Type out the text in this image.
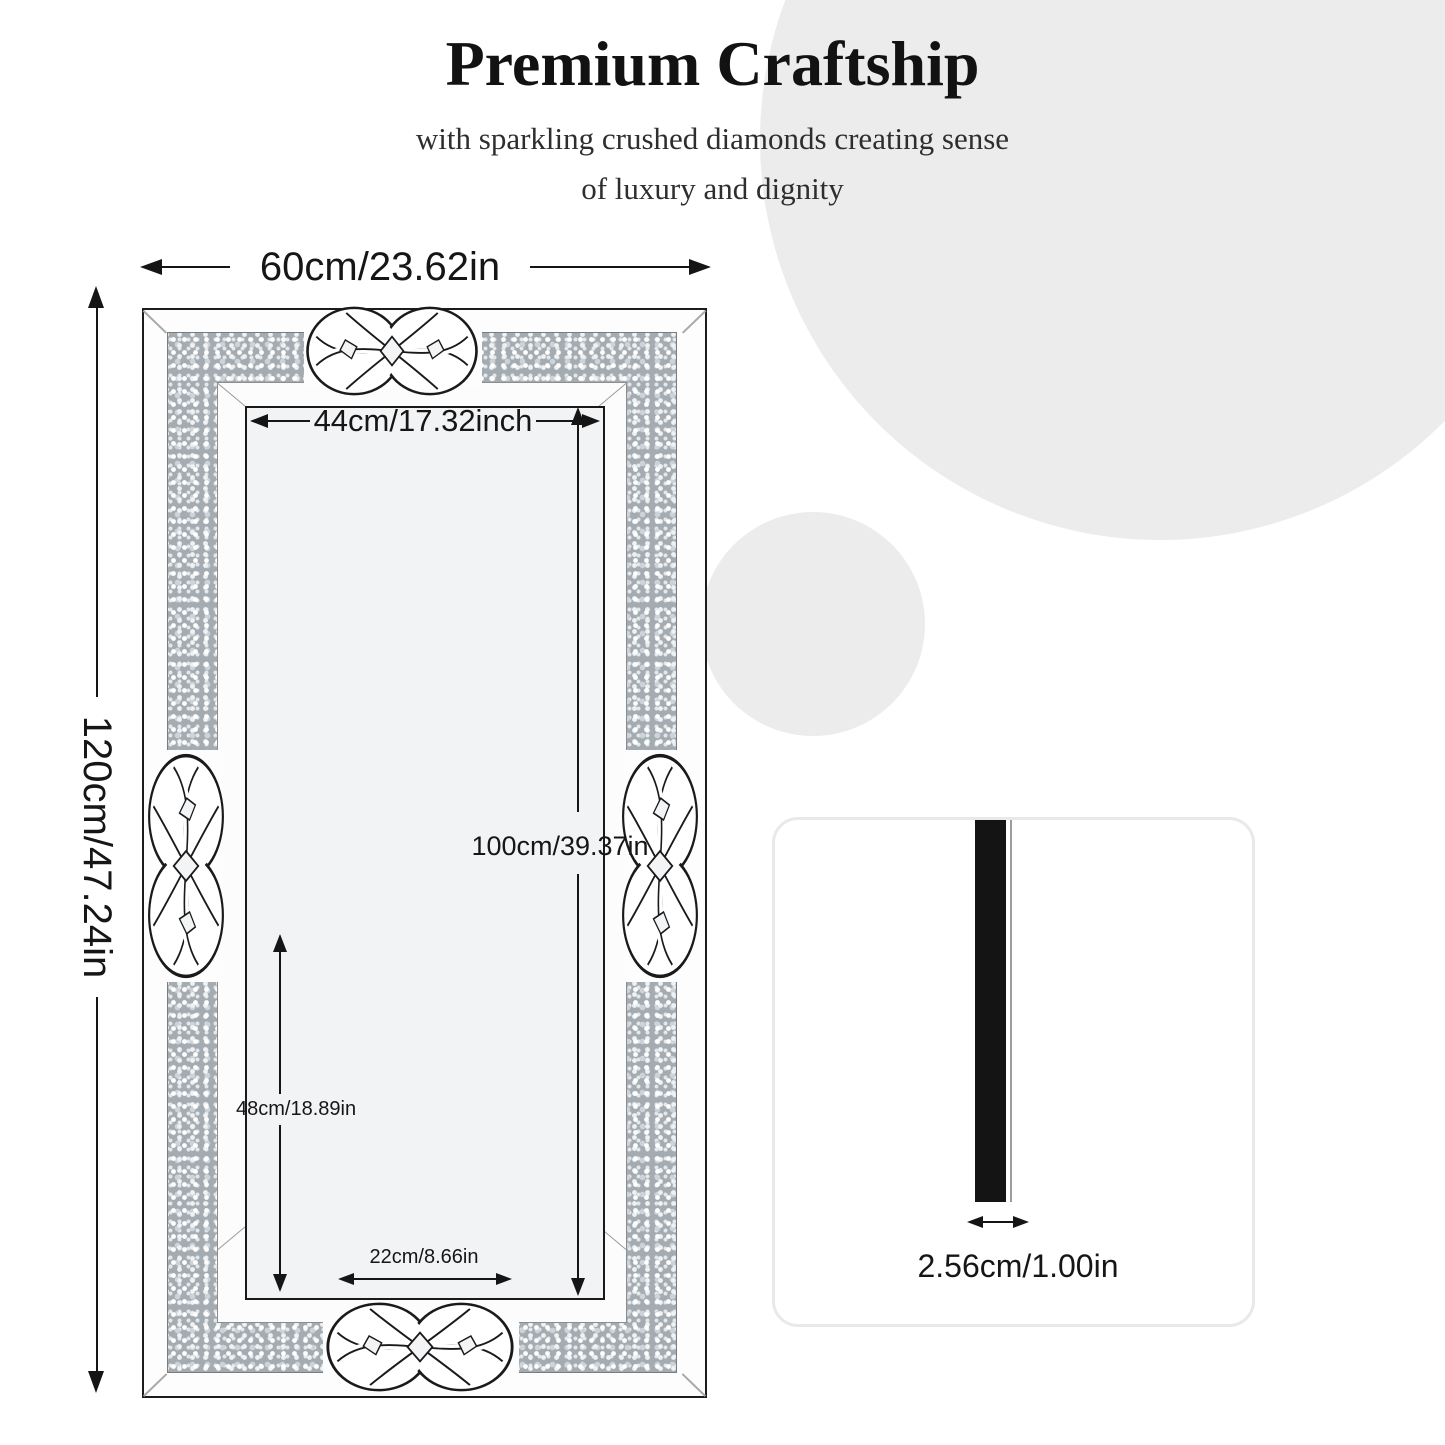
Premium Craftship
with sparkling crushed diamonds creating sense
of luxury and dignity
60cm/23.62in
120cm/47.24in
44cm/17.32inch
100cm/39.37in
48cm/18.89in
22cm/8.66in	2.56cm/1.00in
